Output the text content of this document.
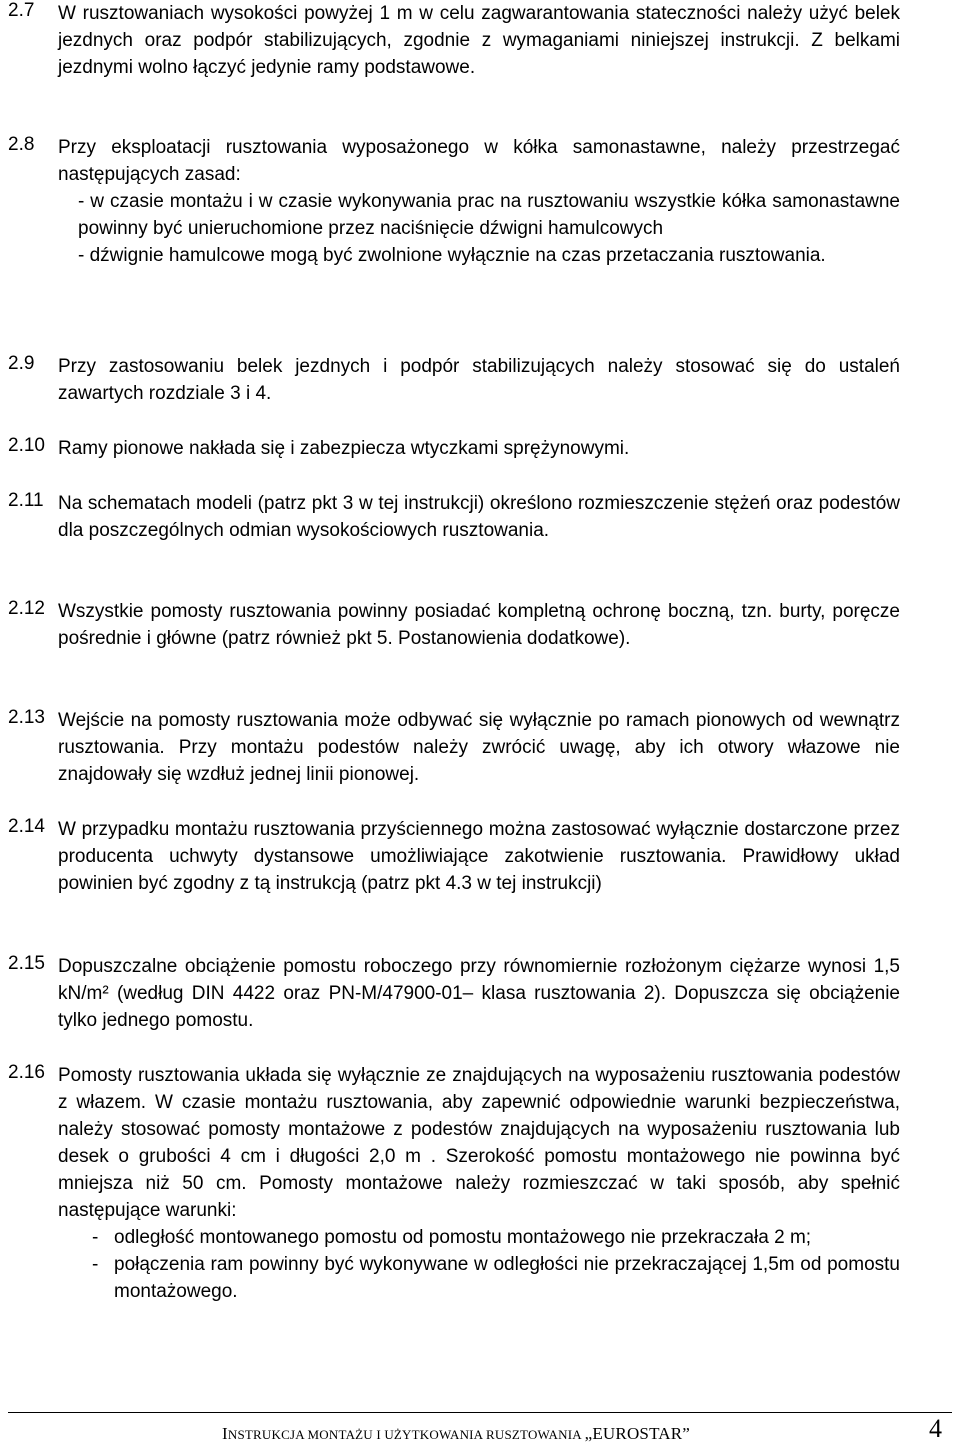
2.7	W rusztowaniach wysokości powyżej 1 m w celu zagwarantowania stateczności należy użyć belek jezdnych oraz podpór stabilizujących, zgodnie z wymaganiami niniejszej instrukcji. Z belkami jezdnymi wolno łączyć jedynie ramy podstawowe.

2.8	Przy eksploatacji rusztowania wyposażonego w kółka samonastawne, należy przestrzegać następujących zasad:

- w czasie montażu i w czasie wykonywania prac na rusztowaniu wszystkie kółka samonastawne powinny być unieruchomione przez naciśnięcie dźwigni hamulcowych
- dźwignie hamulcowe mogą być zwolnione wyłącznie na czas przetaczania rusztowania.
2.9	Przy zastosowaniu belek jezdnych i podpór stabilizujących należy stosować się do ustaleń zawartych rozdziale 3 i 4.

2.10 Ramy pionowe nakłada się i zabezpiecza wtyczkami sprężynowymi.

2.11 Na schematach modeli (patrz pkt 3 w tej instrukcji) określono rozmieszczenie stężeń oraz podestów dla poszczególnych odmian wysokościowych rusztowania.

2.12 Wszystkie pomosty rusztowania powinny posiadać kompletną ochronę boczną, tzn. burty, poręcze pośrednie i główne (patrz również pkt 5. Postanowienia dodatkowe).

2.13 Wejście na pomosty rusztowania może odbywać się wyłącznie po ramach pionowych od wewnątrz rusztowania. Przy montażu podestów należy zwrócić uwagę, aby ich otwory włazowe nie znajdowały się wzdłuż jednej linii pionowej.

2.14 W przypadku montażu rusztowania przyściennego można zastosować wyłącznie dostarczone przez producenta uchwyty dystansowe umożliwiające zakotwienie rusztowania. Prawidłowy układ powinien być zgodny z tą instrukcją (patrz pkt 4.3 w tej instrukcji)

2.15 Dopuszczalne obciążenie pomostu roboczego przy równomiernie rozłożonym ciężarze wynosi 1,5 kN/m² (według DIN 4422 oraz PN-M/47900-01– klasa rusztowania 2). Dopuszcza się obciążenie tylko jednego pomostu.

2.16 Pomosty rusztowania układa się wyłącznie ze znajdujących na wyposażeniu rusztowania podestów z włazem. W czasie montażu rusztowania, aby zapewnić odpowiednie warunki bezpieczeństwa, należy stosować pomosty montażowe z podestów znajdujących na wyposażeniu rusztowania lub desek o grubości 4 cm i długości 2,0 m . Szerokość pomostu montażowego nie powinna być mniejsza niż 50 cm. Pomosty montażowe należy rozmieszczać w taki sposób, aby spełnić następujące warunki:

- odległość montowanego pomostu od pomostu montażowego nie przekraczała 2 m;
- połączenia ram powinny być wykonywane w odległości nie przekraczającej 1,5m od pomostu montażowego.
INSTRUKCJA MONTAŻU I UŻYTKOWANIA RUSZTOWANIA „EUROSTAR”	4
